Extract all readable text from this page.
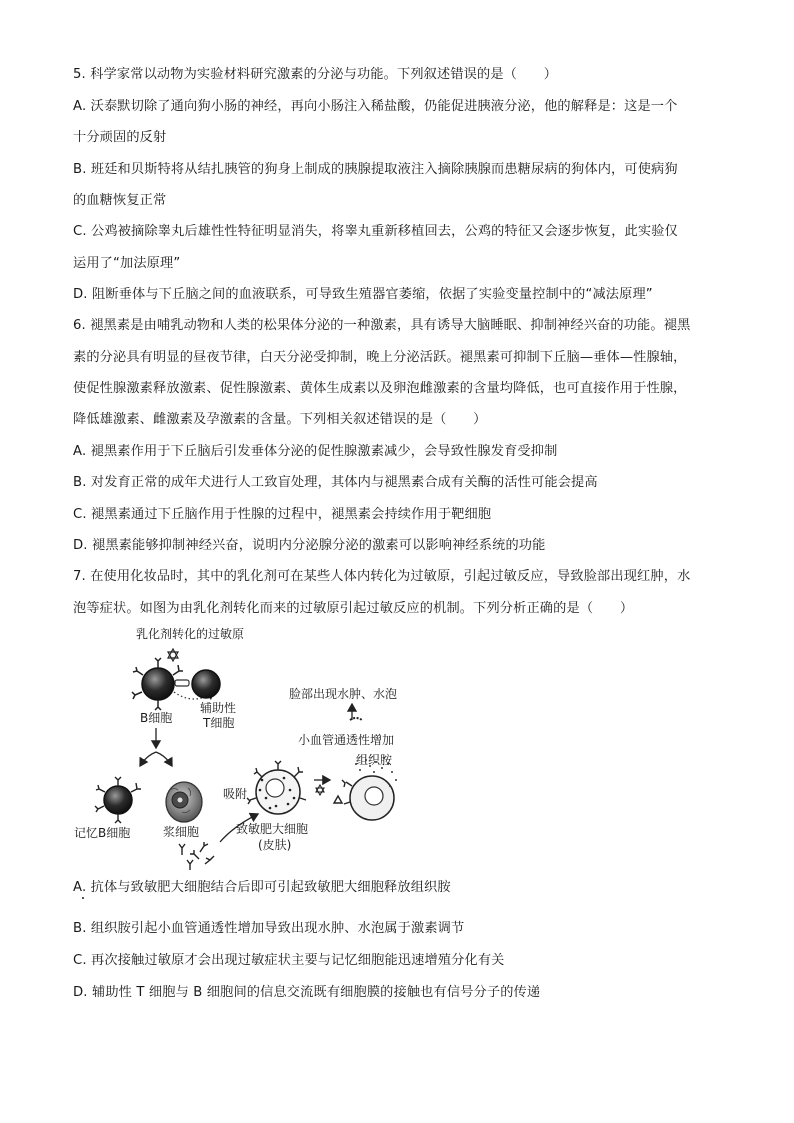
5. 科学家常以动物为实验材料研究激素的分泌与功能。下列叙述错误的是（　　）
A. 沃泰默切除了通向狗小肠的神经，再向小肠注入稀盐酸，仍能促进胰液分泌，他的解释是：这是一个
十分顽固的反射
B. 班廷和贝斯特将从结扎胰管的狗身上制成的胰腺提取液注入摘除胰腺而患糖尿病的狗体内，可使病狗
的血糖恢复正常
C. 公鸡被摘除睾丸后雄性性特征明显消失，将睾丸重新移植回去，公鸡的特征又会逐步恢复，此实验仅
运用了“加法原理”
D. 阻断垂体与下丘脑之间的血液联系，可导致生殖器官萎缩，依据了实验变量控制中的“减法原理”
6. 褪黑素是由哺乳动物和人类的松果体分泌的一种激素，具有诱导大脑睡眠、抑制神经兴奋的功能。褪黑
素的分泌具有明显的昼夜节律，白天分泌受抑制，晚上分泌活跃。褪黑素可抑制下丘脑—垂体—性腺轴，
使促性腺激素释放激素、促性腺激素、黄体生成素以及卵泡雌激素的含量均降低，也可直接作用于性腺，
降低雄激素、雌激素及孕激素的含量。下列相关叙述错误的是（　　）
A. 褪黑素作用于下丘脑后引发垂体分泌的促性腺激素减少，会导致性腺发育受抑制
B. 对发育正常的成年犬进行人工致盲处理，其体内与褪黑素合成有关酶的活性可能会提高
C. 褪黑素通过下丘脑作用于性腺的过程中，褪黑素会持续作用于靶细胞
D. 褪黑素能够抑制神经兴奋，说明内分泌腺分泌的激素可以影响神经系统的功能
7. 在使用化妆品时，其中的乳化剂可在某些人体内转化为过敏原，引起过敏反应，导致脸部出现红肿，水
泡等症状。如图为由乳化剂转化而来的过敏原引起过敏反应的机制。下列分析正确的是（　　）
乳化剂转化的过敏原
B细胞
辅助性
T细胞
记忆B细胞	浆细胞
吸附
致敏肥大细胞
(皮肤)
组织胺
小血管通透性增加
脸部出现水肿、水泡
A. 抗体与致敏肥大细胞结合后即可引起致敏肥大细胞释放组织胺
B. 组织胺引起小血管通透性增加导致出现水肿、水泡属于激素调节
C. 再次接触过敏原才会出现过敏症状主要与记忆细胞能迅速增殖分化有关
D. 辅助性 T 细胞与 B 细胞间的信息交流既有细胞膜的接触也有信号分子的传递
